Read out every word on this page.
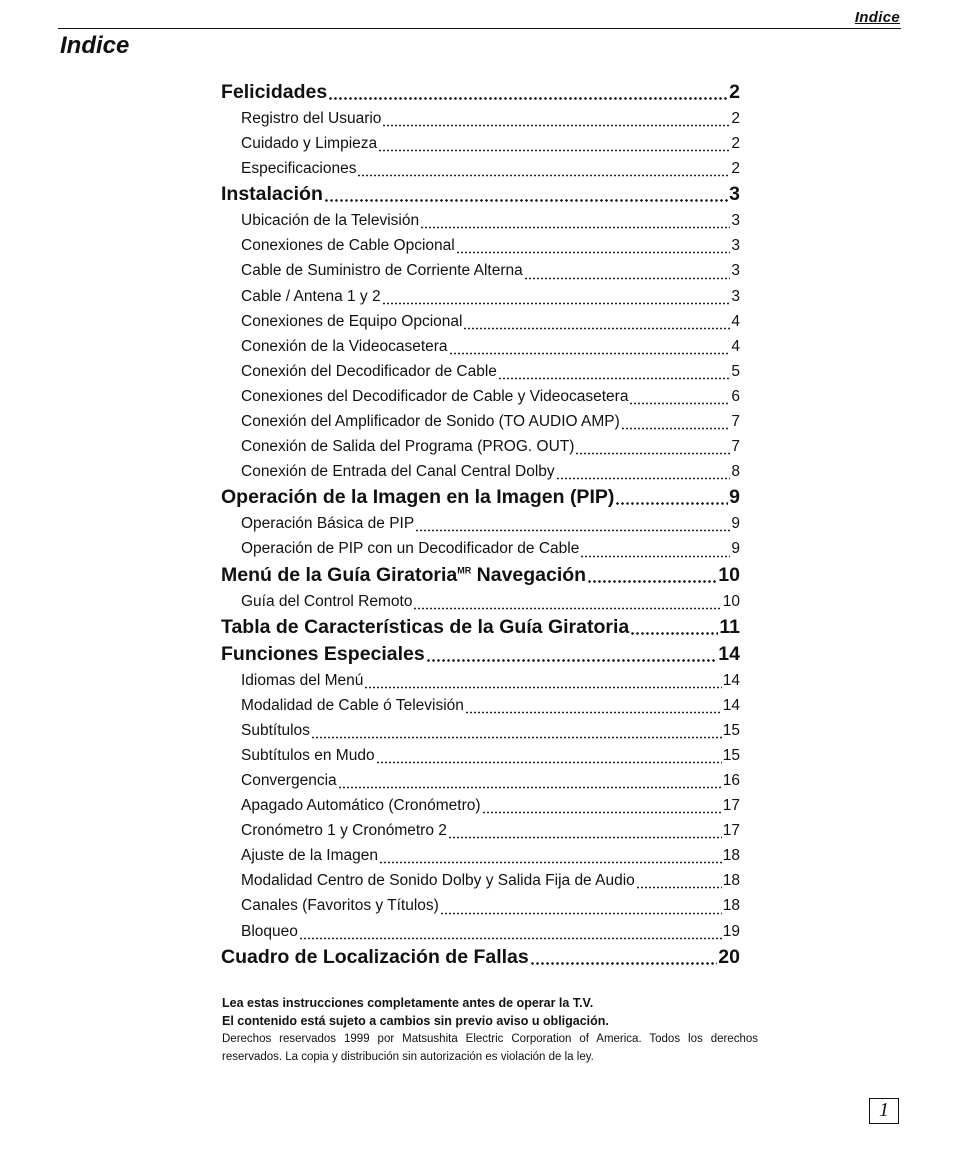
Indice
Indice
Felicidades	2
Registro del Usuario	2
Cuidado y Limpieza	2
Especificaciones	2
Instalación	3
Ubicación de la Televisión	3
Conexiones de Cable Opcional	3
Cable de Suministro de Corriente Alterna	3
Cable / Antena 1 y 2	3
Conexiones de Equipo Opcional	4
Conexión de la Videocasetera	4
Conexión del Decodificador de Cable	5
Conexiones del Decodificador de Cable y Videocasetera	6
Conexión del Amplificador de Sonido (TO AUDIO AMP)	7
Conexión de Salida del Programa (PROG. OUT)	7
Conexión de Entrada del Canal Central Dolby	8
Operación de la Imagen en la Imagen (PIP)	9
Operación Básica de PIP	9
Operación de PIP con un Decodificador de Cable	9
Menú de la Guía Giratoria$^{MR}$ Navegación	10
Guía del Control Remoto	10
Tabla de Características de la Guía Giratoria	11
Funciones Especiales	14
Idiomas del Menú	14
Modalidad de Cable ó Televisión	14
Subtítulos	15
Subtítulos en Mudo	15
Convergencia	16
Apagado Automático (Cronómetro)	17
Cronómetro 1 y Cronómetro 2	17
Ajuste de la Imagen	18
Modalidad Centro de Sonido Dolby y Salida Fija de Audio	18
Canales (Favoritos y Títulos)	18
Bloqueo	19
Cuadro de Localización de Fallas	20

Lea estas instrucciones completamente antes de operar la T.V.

El contenido está sujeto a cambios sin previo aviso u obligación.

Derechos reservados 1999 por Matsushita Electric Corporation of America. Todos los derechos reservados. La copia y distribución sin autorización es violación de la ley.

1
